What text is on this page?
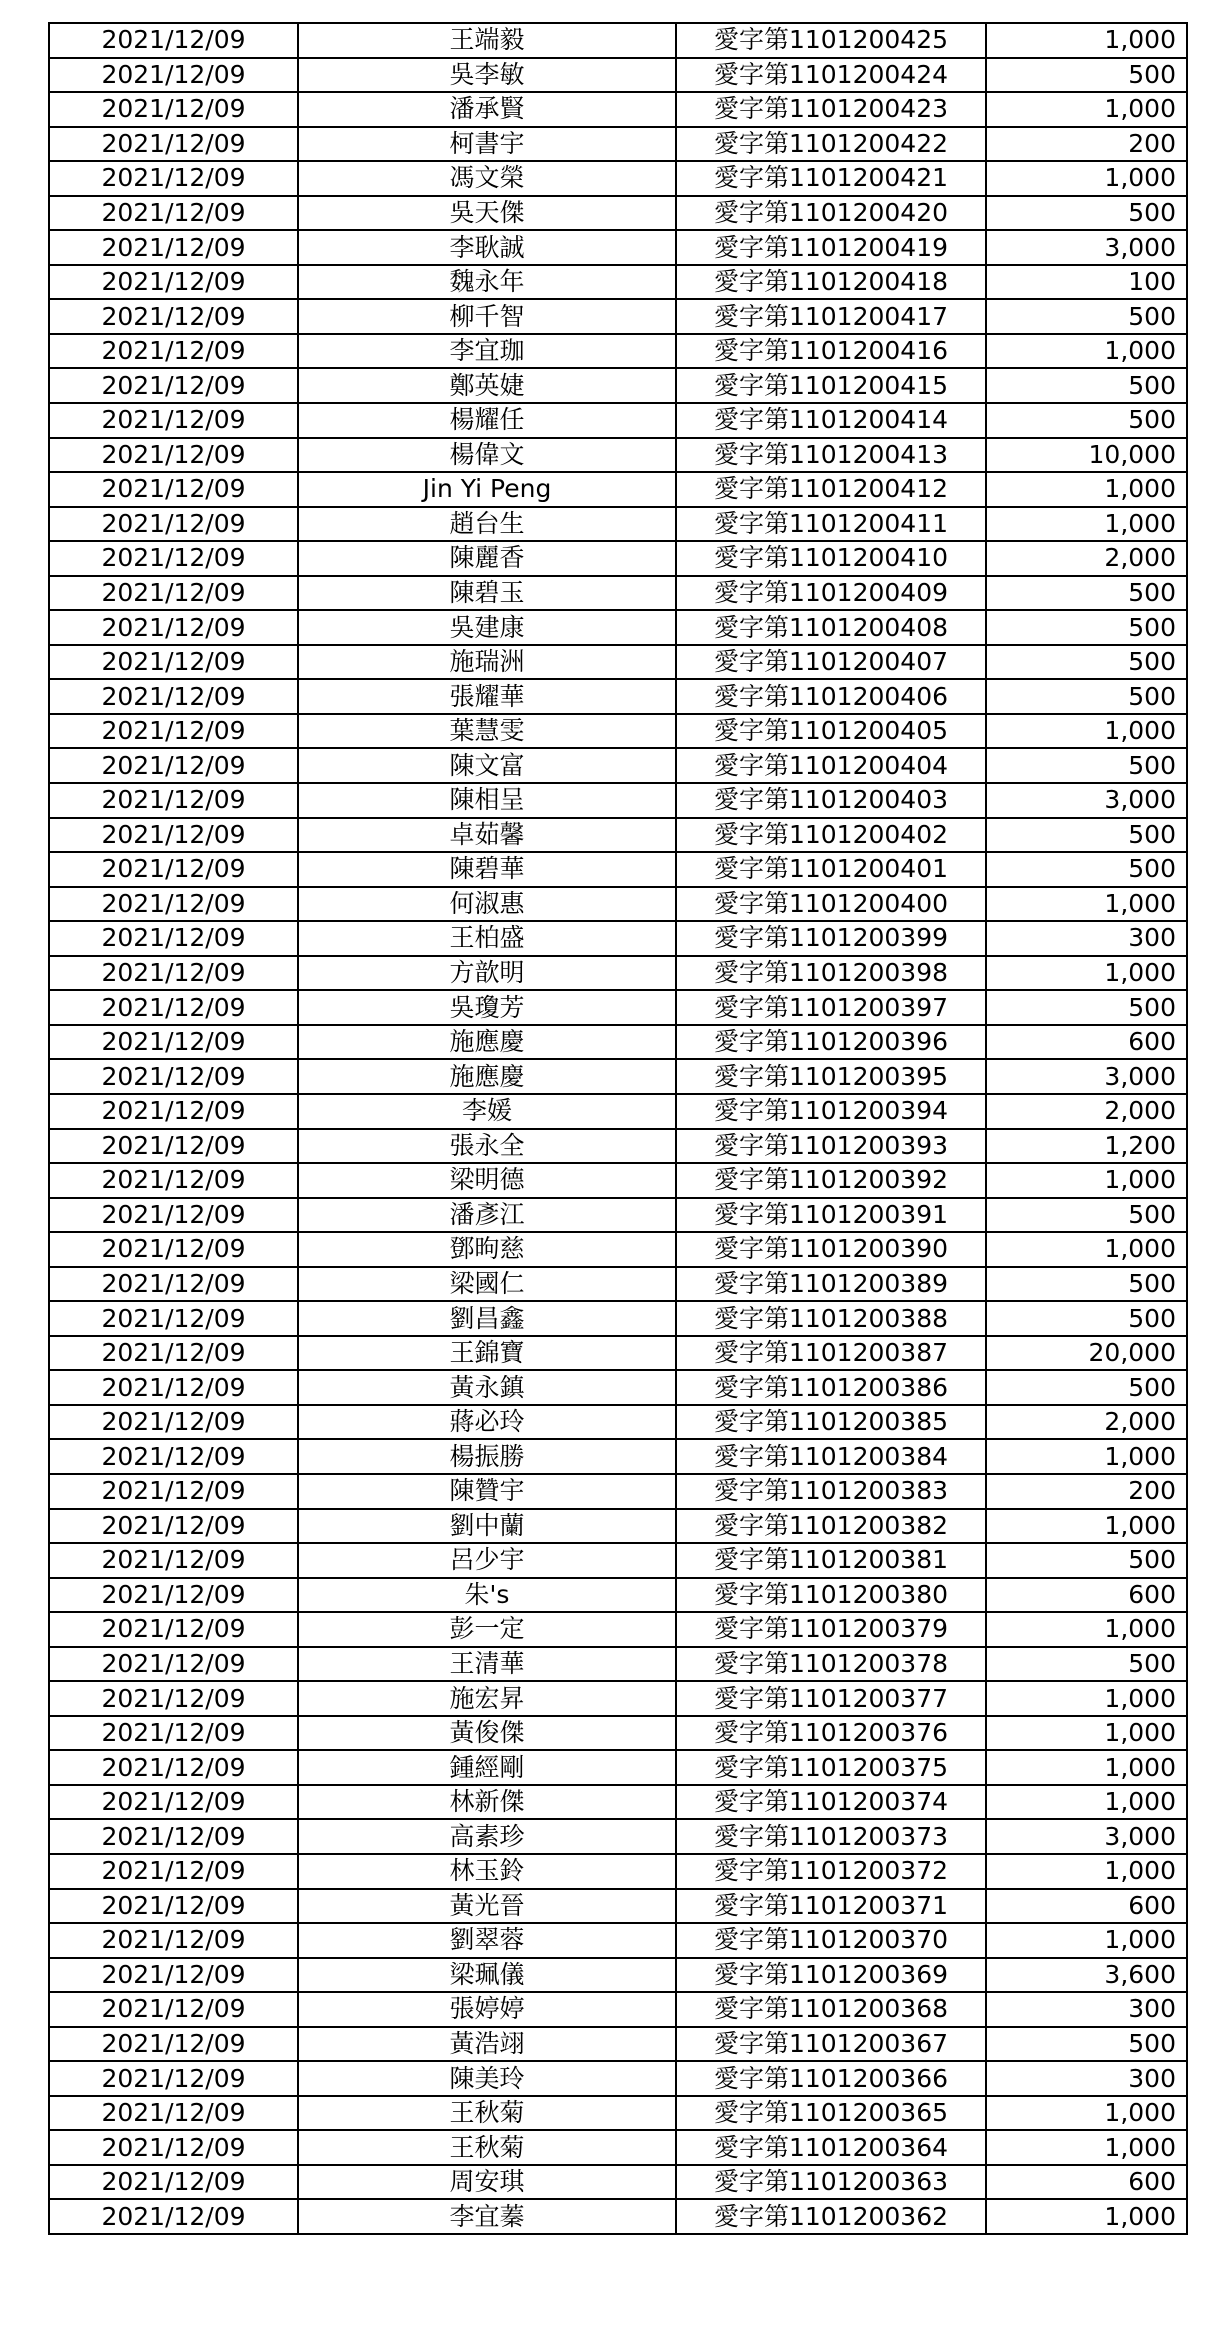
2021/12/09	王端毅	愛字第1101200425	1,000
2021/12/09	吳李敏	愛字第1101200424	500
2021/12/09	潘承賢	愛字第1101200423	1,000
2021/12/09	柯書宇	愛字第1101200422	200
2021/12/09	馮文榮	愛字第1101200421	1,000
2021/12/09	吳天傑	愛字第1101200420	500
2021/12/09	李耿誠	愛字第1101200419	3,000
2021/12/09	魏永年	愛字第1101200418	100
2021/12/09	柳千智	愛字第1101200417	500
2021/12/09	李宜珈	愛字第1101200416	1,000
2021/12/09	鄭英婕	愛字第1101200415	500
2021/12/09	楊耀任	愛字第1101200414	500
2021/12/09	楊偉文	愛字第1101200413	10,000
2021/12/09	Jin Yi Peng	愛字第1101200412	1,000
2021/12/09	趙台生	愛字第1101200411	1,000
2021/12/09	陳麗香	愛字第1101200410	2,000
2021/12/09	陳碧玉	愛字第1101200409	500
2021/12/09	吳建康	愛字第1101200408	500
2021/12/09	施瑞洲	愛字第1101200407	500
2021/12/09	張耀華	愛字第1101200406	500
2021/12/09	葉慧雯	愛字第1101200405	1,000
2021/12/09	陳文富	愛字第1101200404	500
2021/12/09	陳相呈	愛字第1101200403	3,000
2021/12/09	卓茹馨	愛字第1101200402	500
2021/12/09	陳碧華	愛字第1101200401	500
2021/12/09	何淑惠	愛字第1101200400	1,000
2021/12/09	王柏盛	愛字第1101200399	300
2021/12/09	方歆明	愛字第1101200398	1,000
2021/12/09	吳瓊芳	愛字第1101200397	500
2021/12/09	施應慶	愛字第1101200396	600
2021/12/09	施應慶	愛字第1101200395	3,000
2021/12/09	李媛	愛字第1101200394	2,000
2021/12/09	張永全	愛字第1101200393	1,200
2021/12/09	梁明德	愛字第1101200392	1,000
2021/12/09	潘彥江	愛字第1101200391	500
2021/12/09	鄧昫慈	愛字第1101200390	1,000
2021/12/09	梁國仁	愛字第1101200389	500
2021/12/09	劉昌鑫	愛字第1101200388	500
2021/12/09	王錦寶	愛字第1101200387	20,000
2021/12/09	黃永鎮	愛字第1101200386	500
2021/12/09	蔣必玲	愛字第1101200385	2,000
2021/12/09	楊振勝	愛字第1101200384	1,000
2021/12/09	陳贊宇	愛字第1101200383	200
2021/12/09	劉中蘭	愛字第1101200382	1,000
2021/12/09	呂少宇	愛字第1101200381	500
2021/12/09	朱's	愛字第1101200380	600
2021/12/09	彭一定	愛字第1101200379	1,000
2021/12/09	王清華	愛字第1101200378	500
2021/12/09	施宏昇	愛字第1101200377	1,000
2021/12/09	黃俊傑	愛字第1101200376	1,000
2021/12/09	鍾經剛	愛字第1101200375	1,000
2021/12/09	林新傑	愛字第1101200374	1,000
2021/12/09	高素珍	愛字第1101200373	3,000
2021/12/09	林玉鈴	愛字第1101200372	1,000
2021/12/09	黃光晉	愛字第1101200371	600
2021/12/09	劉翠蓉	愛字第1101200370	1,000
2021/12/09	梁珮儀	愛字第1101200369	3,600
2021/12/09	張婷婷	愛字第1101200368	300
2021/12/09	黃浩翊	愛字第1101200367	500
2021/12/09	陳美玲	愛字第1101200366	300
2021/12/09	王秋菊	愛字第1101200365	1,000
2021/12/09	王秋菊	愛字第1101200364	1,000
2021/12/09	周安琪	愛字第1101200363	600
2021/12/09	李宜蓁	愛字第1101200362	1,000
